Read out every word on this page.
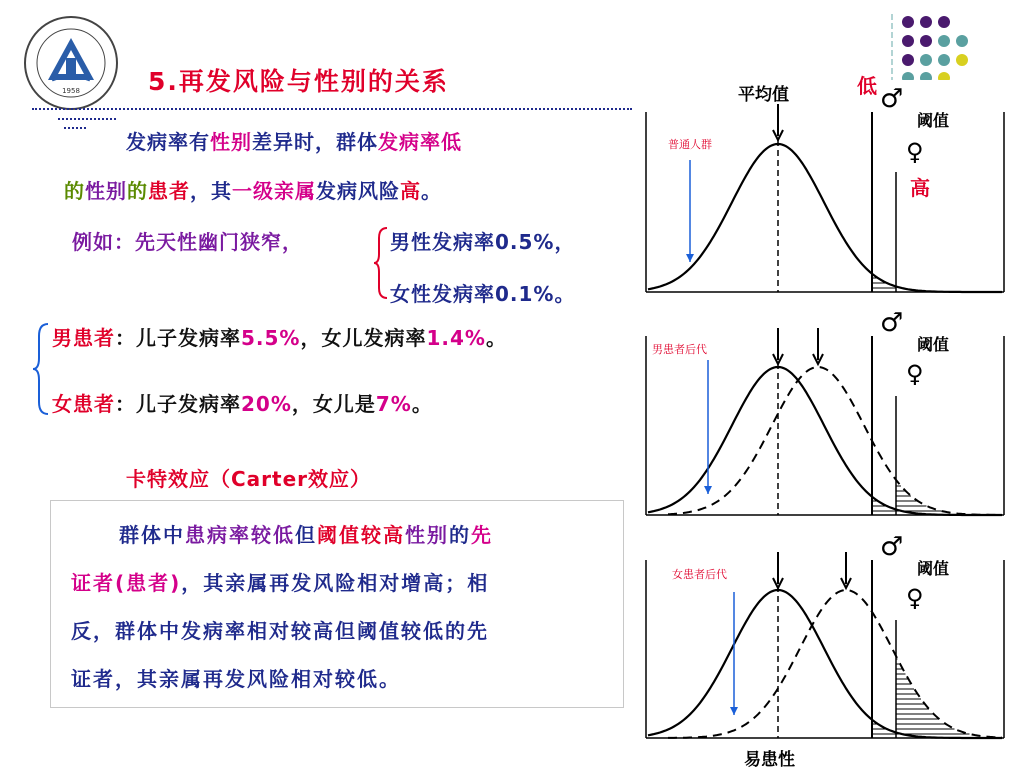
1958	5.再发风险与性别的关系
发病率有性别差异时，群体发病率低
的性别的患者，其一级亲属发病风险高。
例如：先天性幽门狭窄，	男性发病率0.5%，
女性发病率0.1%。
男患者：儿子发病率5.5%，女儿发病率1.4%。
女患者：儿子发病率20%，女儿是7%。
卡特效应（Carter效应）
群体中患病率较低但阈值较高性别的先
证者(患者)，其亲属再发风险相对增高；相
反，群体中发病率相对较高但阈值较低的先
证者，其亲属再发风险相对较低。
平均值	低
高
♂
阈值
♀
普通人群
♂
阈值
♀
男患者后代
♂
阈值
♀
女患者后代
易患性
